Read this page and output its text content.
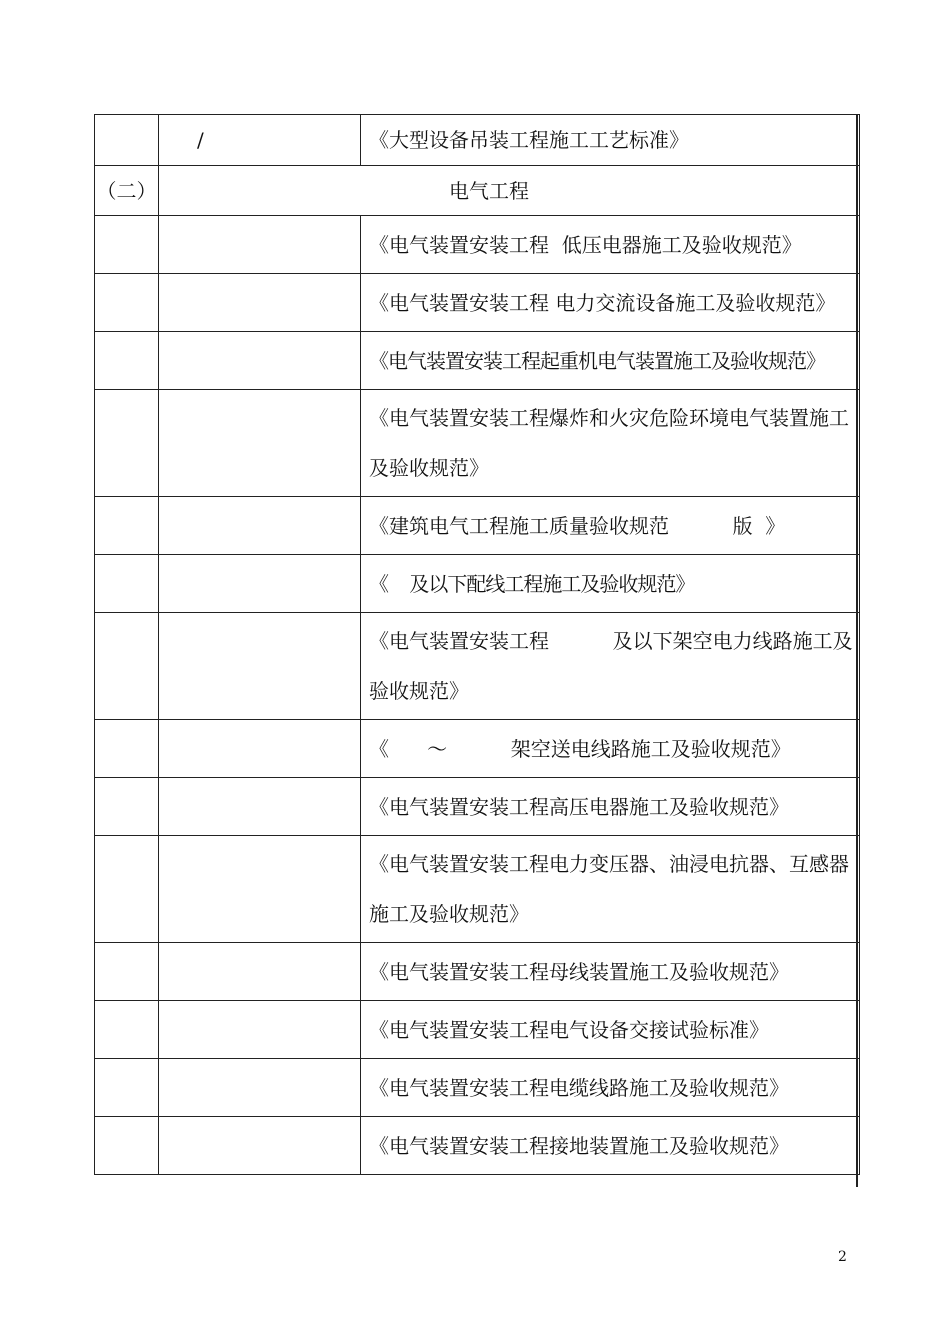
	/	《大型设备吊装工程施工工艺标准》
（二）	电气工程	
		《电气装置安装工程  低压电器施工及验收规范》
		《电气装置安装工程 电力交流设备施工及验收规范》
		《电气装置安装工程起重机电气装置施工及验收规范》
		《电气装置安装工程爆炸和火灾危险环境电气装置施工及验收规范》
		《建筑电气工程施工质量验收规范          版  》
		《    及以下配线工程施工及验收规范》
		《电气装置安装工程          及以下架空电力线路施工及验收规范》
		《      ～          架空送电线路施工及验收规范》
		《电气装置安装工程高压电器施工及验收规范》
		《电气装置安装工程电力变压器、油浸电抗器、互感器施工及验收规范》
		《电气装置安装工程母线装置施工及验收规范》
		《电气装置安装工程电气设备交接试验标准》
		《电气装置安装工程电缆线路施工及验收规范》
		《电气装置安装工程接地装置施工及验收规范》
2
